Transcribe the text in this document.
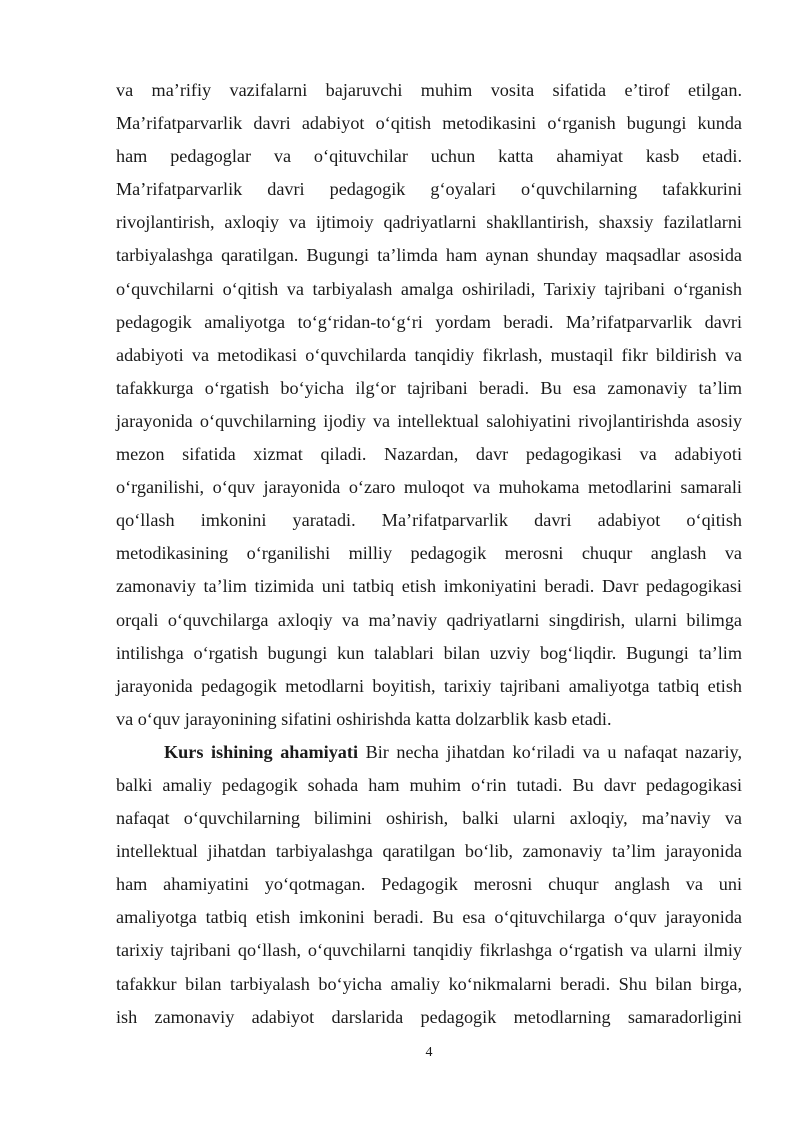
va ma’rifiy vazifalarni bajaruvchi muhim vosita sifatida e’tirof etilgan.
Ma’rifatparvarlik davri adabiyot o‘qitish metodikasini o‘rganish bugungi kunda
ham pedagoglar va o‘qituvchilar uchun katta ahamiyat kasb etadi.
Ma’rifatparvarlik davri pedagogik g‘oyalari o‘quvchilarning tafakkurini
rivojlantirish, axloqiy va ijtimoiy qadriyatlarni shakllantirish, shaxsiy fazilatlarni
tarbiyalashga qaratilgan. Bugungi ta’limda ham aynan shunday maqsadlar asosida
o‘quvchilarni o‘qitish va tarbiyalash amalga oshiriladi, Tarixiy tajribani o‘rganish
pedagogik amaliyotga to‘g‘ridan-to‘g‘ri yordam beradi. Ma’rifatparvarlik davri
adabiyoti va metodikasi o‘quvchilarda tanqidiy fikrlash, mustaqil fikr bildirish va
tafakkurga o‘rgatish bo‘yicha ilg‘or tajribani beradi. Bu esa zamonaviy ta’lim
jarayonida o‘quvchilarning ijodiy va intellektual salohiyatini rivojlantirishda asosiy
mezon sifatida xizmat qiladi. Nazardan, davr pedagogikasi va adabiyoti
o‘rganilishi, o‘quv jarayonida o‘zaro muloqot va muhokama metodlarini samarali
qo‘llash imkonini yaratadi. Ma’rifatparvarlik davri adabiyot o‘qitish
metodikasining o‘rganilishi milliy pedagogik merosni chuqur anglash va
zamonaviy ta’lim tizimida uni tatbiq etish imkoniyatini beradi. Davr pedagogikasi
orqali o‘quvchilarga axloqiy va ma’naviy qadriyatlarni singdirish, ularni bilimga
intilishga o‘rgatish bugungi kun talablari bilan uzviy bog‘liqdir. Bugungi ta’lim
jarayonida pedagogik metodlarni boyitish, tarixiy tajribani amaliyotga tatbiq etish
va o‘quv jarayonining sifatini oshirishda katta dolzarblik kasb etadi.
Kurs ishining ahamiyati Bir necha jihatdan ko‘riladi va u nafaqat nazariy,
balki amaliy pedagogik sohada ham muhim o‘rin tutadi. Bu davr pedagogikasi
nafaqat o‘quvchilarning bilimini oshirish, balki ularni axloqiy, ma’naviy va
intellektual jihatdan tarbiyalashga qaratilgan bo‘lib, zamonaviy ta’lim jarayonida
ham ahamiyatini yo‘qotmagan. Pedagogik merosni chuqur anglash va uni
amaliyotga tatbiq etish imkonini beradi. Bu esa o‘qituvchilarga o‘quv jarayonida
tarixiy tajribani qo‘llash, o‘quvchilarni tanqidiy fikrlashga o‘rgatish va ularni ilmiy
tafakkur bilan tarbiyalash bo‘yicha amaliy ko‘nikmalarni beradi. Shu bilan birga,
ish zamonaviy adabiyot darslarida pedagogik metodlarning samaradorligini
4
